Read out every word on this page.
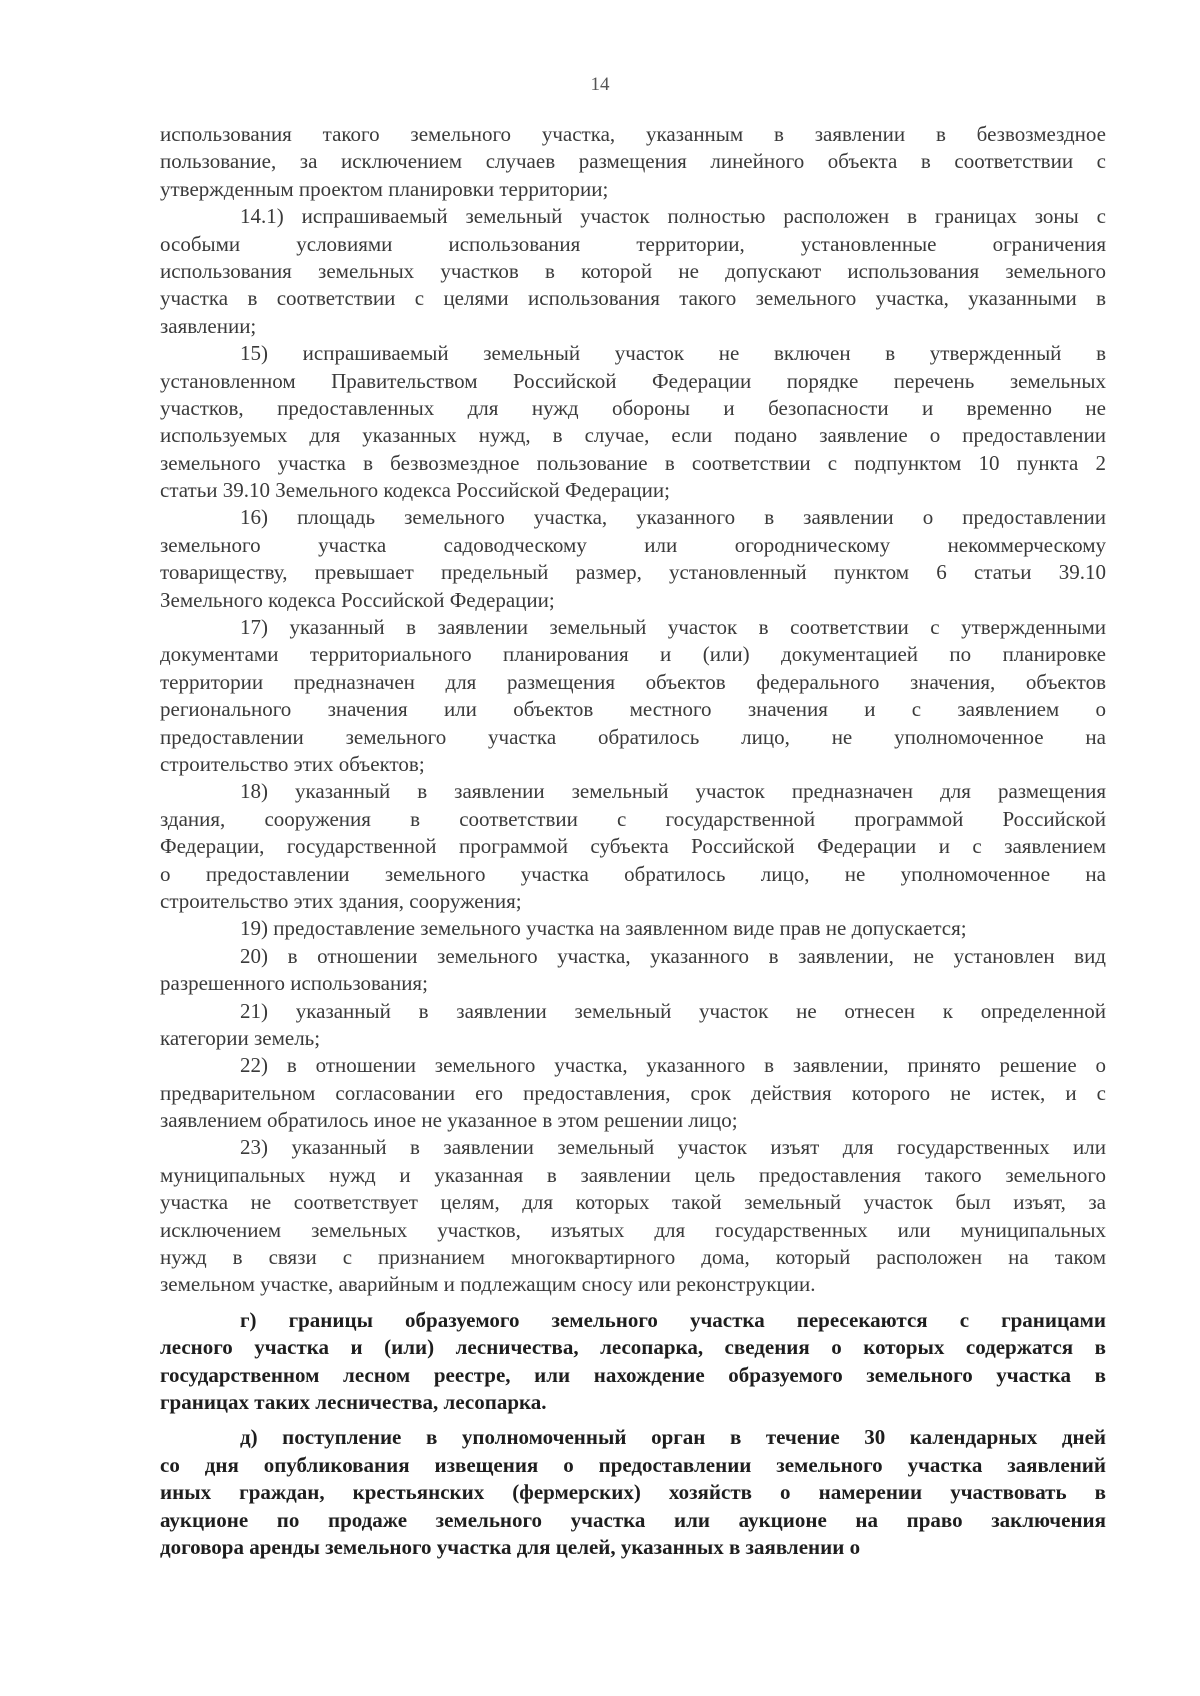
14
использования такого земельного участка, указанным в заявлении в безвозмездное
пользование, за исключением случаев размещения линейного объекта в соответствии с
утвержденным проектом планировки территории;
14.1) испрашиваемый земельный участок полностью расположен в границах зоны с
особыми условиями использования территории, установленные ограничения
использования земельных участков в которой не допускают использования земельного
участка в соответствии с целями использования такого земельного участка, указанными в
заявлении;
15) испрашиваемый земельный участок не включен в утвержденный в
установленном Правительством Российской Федерации порядке перечень земельных
участков, предоставленных для нужд обороны и безопасности и временно не
используемых для указанных нужд, в случае, если подано заявление о предоставлении
земельного участка в безвозмездное пользование в соответствии с подпунктом 10 пункта 2
статьи 39.10 Земельного кодекса Российской Федерации;
16) площадь земельного участка, указанного в заявлении о предоставлении
земельного участка садоводческому или огородническому некоммерческому
товариществу, превышает предельный размер, установленный пунктом 6 статьи 39.10
Земельного кодекса Российской Федерации;
17) указанный в заявлении земельный участок в соответствии с утвержденными
документами территориального планирования и (или) документацией по планировке
территории предназначен для размещения объектов федерального значения, объектов
регионального значения или объектов местного значения и с заявлением о
предоставлении земельного участка обратилось лицо, не уполномоченное на
строительство этих объектов;
18) указанный в заявлении земельный участок предназначен для размещения
здания, сооружения в соответствии с государственной программой Российской
Федерации, государственной программой субъекта Российской Федерации и с заявлением
о предоставлении земельного участка обратилось лицо, не уполномоченное на
строительство этих здания, сооружения;
19) предоставление земельного участка на заявленном виде прав не допускается;
20) в отношении земельного участка, указанного в заявлении, не установлен вид
разрешенного использования;
21) указанный в заявлении земельный участок не отнесен к определенной
категории земель;
22) в отношении земельного участка, указанного в заявлении, принято решение о
предварительном согласовании его предоставления, срок действия которого не истек, и с
заявлением обратилось иное не указанное в этом решении лицо;
23) указанный в заявлении земельный участок изъят для государственных или
муниципальных нужд и указанная в заявлении цель предоставления такого земельного
участка не соответствует целям, для которых такой земельный участок был изъят, за
исключением земельных участков, изъятых для государственных или муниципальных
нужд в связи с признанием многоквартирного дома, который расположен на таком
земельном участке, аварийным и подлежащим сносу или реконструкции.
г) границы образуемого земельного участка пересекаются с границами
лесного участка и (или) лесничества, лесопарка, сведения о которых содержатся в
государственном лесном реестре, или нахождение образуемого земельного участка в
границах таких лесничества, лесопарка.
д) поступление в уполномоченный орган в течение 30 календарных дней
со дня опубликования извещения о предоставлении земельного участка заявлений
иных граждан, крестьянских (фермерских) хозяйств о намерении участвовать в
аукционе по продаже земельного участка или аукционе на право заключения
договора аренды земельного участка для целей, указанных в заявлении о
